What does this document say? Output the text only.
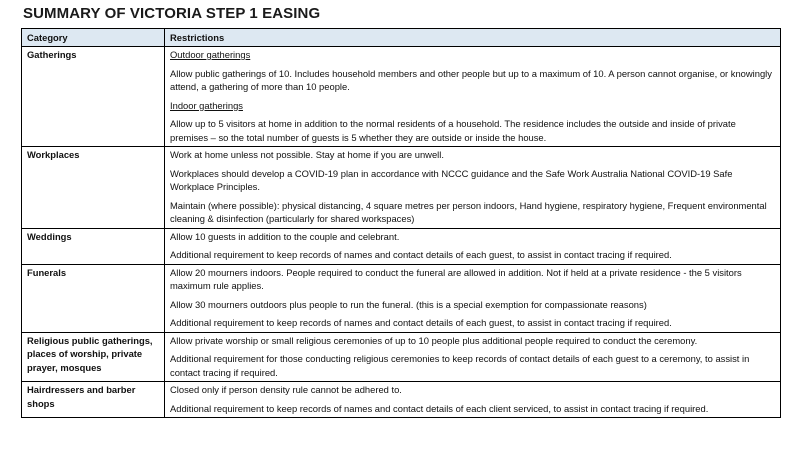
SUMMARY OF VICTORIA STEP 1 EASING
Category	Restrictions
Gatherings	Outdoor gatherings
Allow public gatherings of 10. Includes household members and other people but up to a maximum of 10. A person cannot organise, or knowingly attend, a gathering of more than 10 people.
Indoor gatherings
Allow up to 5 visitors at home in addition to the normal residents of a household. The residence includes the outside and inside of private premises – so the total number of guests is 5 whether they are outside or inside the house.

Workplaces	Work at home unless not possible. Stay at home if you are unwell.
Workplaces should develop a COVID-19 plan in accordance with NCCC guidance and the Safe Work Australia National COVID-19 Safe Workplace Principles.
Maintain (where possible): physical distancing, 4 square metres per person indoors, Hand hygiene, respiratory hygiene, Frequent environmental cleaning & disinfection (particularly for shared workspaces)

Weddings	Allow 10 guests in addition to the couple and celebrant.
Additional requirement to keep records of names and contact details of each guest, to assist in contact tracing if required.

Funerals	Allow 20 mourners indoors. People required to conduct the funeral are allowed in addition. Not if held at a private residence - the 5 visitors maximum rule applies.
Allow 30 mourners outdoors plus people to run the funeral. (this is a special exemption for compassionate reasons)
Additional requirement to keep records of names and contact details of each guest, to assist in contact tracing if required.

Religious public gatherings, places of worship, private prayer, mosques	Allow private worship or small religious ceremonies of up to 10 people plus additional people required to conduct the ceremony.
Additional requirement for those conducting religious ceremonies to keep records of contact details of each guest to a ceremony, to assist in contact tracing if required.

Hairdressers and barber shops	Closed only if person density rule cannot be adhered to.
Additional requirement to keep records of names and contact details of each client serviced, to assist in contact tracing if required.
